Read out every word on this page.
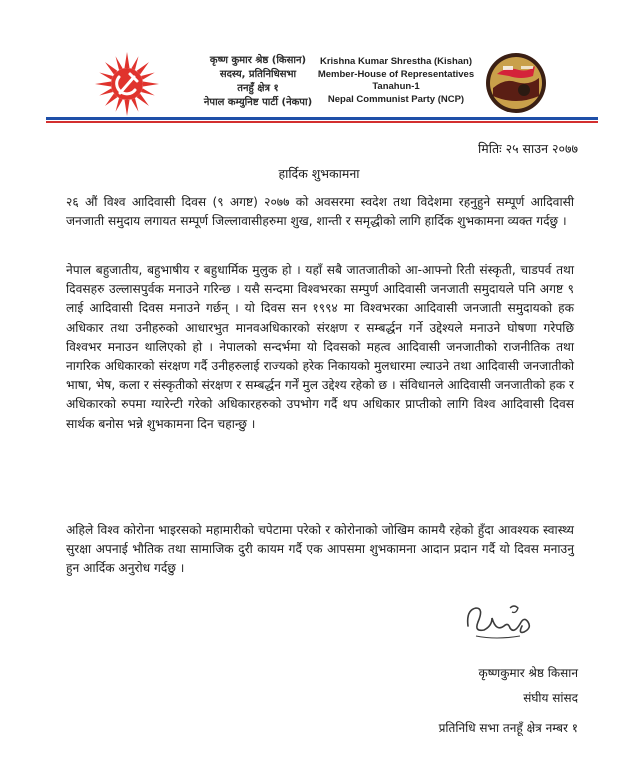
कृष्ण कुमार श्रेष्ठ (किसान)
सदस्य, प्रतिनिधिसभा
तनहुँ क्षेत्र १
नेपाल कम्युनिष्ट पार्टी (नेकपा)
Krishna Kumar Shrestha (Kishan)
Member-House of Representatives
Tanahun-1
Nepal Communist Party (NCP)
मितिः २५ साउन २०७७
हार्दिक शुभकामना

२६ औं विश्व आदिवासी दिवस (९ अगष्ट) २०७७ को अवसरमा स्वदेश तथा विदेशमा रहनुहुने सम्पूर्ण आदिवासी जनजाती समुदाय लगायत सम्पूर्ण जिल्लावासीहरुमा शुख, शान्ती र समृद्धीको लागि हार्दिक शुभकामना व्यक्त गर्दछु ।

नेपाल बहुजातीय, बहुभाषीय र बहुधार्मिक मुलुक हो । यहाँ सबै जातजातीको आ-आफ्नो रिती संस्कृती, चाडपर्व तथा दिवसहरु उल्लासपुर्वक मनाउने गरिन्छ । यसै सन्दमा विश्वभरका सम्पुर्ण आदिवासी जनजाती समुदायले पनि अगष्ट ९ लाई आदिवासी दिवस मनाउने गर्छन् । यो दिवस सन १९९४ मा विश्वभरका आदिवासी जनजाती समुदायको हक अधिकार तथा उनीहरुको आधारभुत मानवअधिकारको संरक्षण र सम्बर्द्धन गर्ने उद्देश्यले मनाउने घोषणा गरेपछि विश्वभर मनाउन थालिएको हो । नेपालको सन्दर्भमा यो दिवसको महत्व आदिवासी जनजातीको राजनीतिक तथा नागरिक अधिकारको संरक्षण गर्दै उनीहरुलाई राज्यको हरेक निकायको मुलधारमा ल्याउने तथा आदिवासी जनजातीको भाषा, भेष, कला र संस्कृतीको संरक्षण र सम्बर्द्धन गर्नें मुल उद्देश्य रहेको छ । संविधानले आदिवासी जनजातीको हक र अधिकारको रुपमा ग्यारेन्टी गरेको अधिकारहरुको उपभोग गर्दै थप अधिकार प्राप्तीको लागि विश्व आदिवासी दिवस सार्थक बनोस भन्ने शुभकामना दिन चहान्छु ।

अहिले विश्व कोरोना भाइरसको महामारीको चपेटामा परेको र कोरोनाको जोखिम कामयै रहेको हुँदा आवश्यक स्वास्थ्य सुरक्षा अपनाई भौतिक तथा सामाजिक दुरी कायम गर्दै एक आपसमा शुभकामना आदान प्रदान गर्दै यो दिवस मनाउनु हुन आर्दिक अनुरोध गर्दछु ।

कृष्णकुमार श्रेष्ठ किसान
संघीय सांसद
प्रतिनिधि सभा तनहूँ क्षेत्र नम्बर १
